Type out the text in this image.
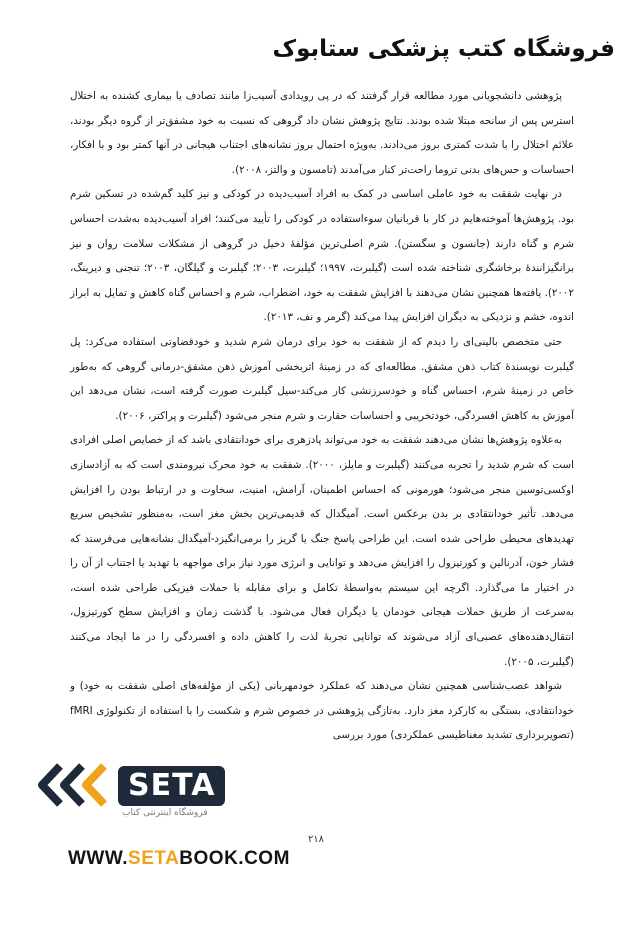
فروشگاه کتب پزشکی ستابوک

پژوهشی دانشجویانی مورد مطالعه قرار گرفتند که در پی رویدادی آسیب‌زا مانند تصادف یا بیماری کشنده به اختلال استرس پس از سانحه مبتلا شده بودند. نتایج پژوهش نشان داد گروهی که نسبت به خود مشفق‌تر از گروه دیگر بودند، علائم اختلال را با شدت کمتری بروز می‌دادند. به‌ویژه احتمال بروز نشانه‌های اجتناب هیجانی در آنها کمتر بود و با افکار، احساسات و حس‌های بدنی تروما راحت‌تر کنار می‌آمدند (تامسون و والتز، ۲۰۰۸).

در نهایت شفقت به خود عاملی اساسی در کمک به افراد آسیب‌دیده در کودکی و نیز کلید گم‌شده در تسکین شرم بود. پژوهش‌ها آموخته‌هایم در کار با قربانیان سوءاستفاده در کودکی را تأیید می‌کنند؛ افراد آسیب‌دیده به‌شدت احساس شرم و گناه دارند (جانسون و سگستن). شرم اصلی‌ترین مؤلفهٔ دخیل در گروهی از مشکلات سلامت روان و نیز برانگیزانندهٔ برخاشگری شناخته شده است (گیلبرت، ۱۹۹۷؛ گیلبرت، ۲۰۰۳؛ گیلبرت و گیلگان، ۲۰۰۳؛ تنجنی و دیرینگ، ۲۰۰۲). یافته‌ها همچنین نشان می‌دهند با افزایش شفقت به خود، اضطراب، شرم و احساس گناه کاهش و تمایل به ابراز اندوه، خشم و نزدیکی به دیگران افزایش پیدا می‌کند (گرمر و نف، ۲۰۱۳).

حتی متخصص بالینی‌ای را دیدم که از شفقت به خود برای درمان شرم شدید و خودقضاوتی استفاده می‌کرد: پل گیلبرت نویسندهٔ کتاب ذهن مشفق. مطالعه‌ای که در زمینهٔ اثربخشی آموزش ذهن مشفق-درمانی گروهی که به‌طور خاص در زمینهٔ شرم، احساس گناه و خودسرزنشی کار می‌کند-سیل گیلبرت صورت گرفته است، نشان می‌دهد این آموزش به کاهش افسردگی، خودتخریبی و احساسات حقارت و شرم منجر می‌شود (گیلبرت و پراکتر، ۲۰۰۶).

به‌علاوه پژوهش‌ها نشان می‌دهند شفقت به خود می‌تواند پادزهری برای خودانتقادی باشد که از خصایص اصلی افرادی است که شرم شدید را تجربه می‌کنند (گیلبرت و مایلز، ۲۰۰۰). شفقت به خود محرک نیرومندی است که به آزادسازی اوکسی‌توسین منجر می‌شود؛ هورمونی که احساس اطمینان، آرامش، امنیت، سخاوت و در ارتباط بودن را افزایش می‌دهد. تأثیر خودانتقادی بر بدن برعکس است. آمیگدال که قدیمی‌ترین بخش مغز است، به‌منظور تشخیص سریع تهدیدهای محیطی طراحی شده است. این طراحی پاسخ جنگ یا گریز را برمی‌انگیزد-آمیگدال نشانه‌هایی می‌فرستد که فشار خون، آدرنالین و کورتیزول را افزایش می‌دهد و توانایی و انرژی مورد نیاز برای مواجهه با تهدید یا اجتناب از آن را در اختیار ما می‌گذارد. اگرچه این سیستم به‌واسطهٔ تکامل و برای مقابله با حملات فیزیکی طراحی شده است، به‌سرعت از طریق حملات هیجانی خودمان یا دیگران فعال می‌شود. با گذشت زمان و افزایش سطح کورتیزول، انتقال‌دهنده‌های عصبی‌ای آزاد می‌شوند که توانایی تجربهٔ لذت را کاهش داده و افسردگی را در ما ایجاد می‌کنند (گیلبرت، ۲۰۰۵).

شواهد عصب‌شناسی همچنین نشان می‌دهند که عملکرد خودمهربانی (یکی از مؤلفه‌های اصلی شفقت به خود) و خودانتقادی، بستگی به کارکرد مغز دارد. به‌تازگی پژوهشی در خصوص شرم و شکست را با استفاده از تکنولوژی fMRI (تصویربرداری تشدید مغناطیسی عملکردی) مورد بررسی

SETA
فروشگاه اینترنتی کتاب
۲۱۸
WWW.SETABOOK.COM
